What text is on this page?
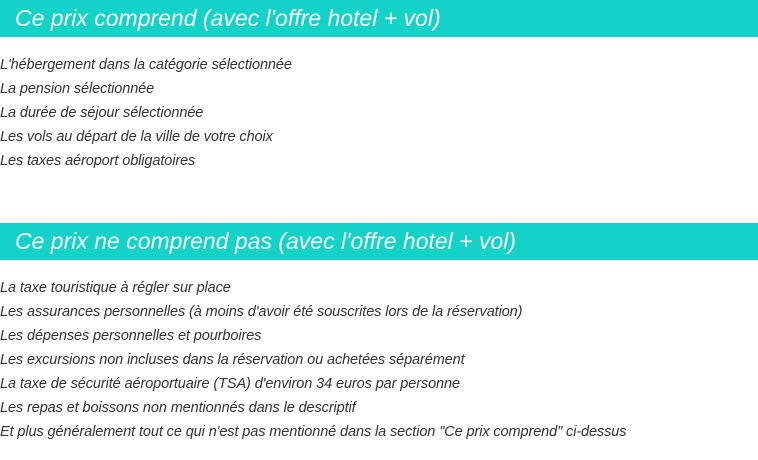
Ce prix comprend (avec l'offre hotel + vol)
L'hébergement dans la catégorie sélectionnée
La pension sélectionnée
La durée de séjour sélectionnée
Les vols au départ de la ville de votre choix
Les taxes aéroport obligatoires
Ce prix ne comprend pas (avec l'offre hotel + vol)
La taxe touristique à régler sur place
Les assurances personnelles (à moins d'avoir été souscrites lors de la réservation)
Les dépenses personnelles et pourboires
Les excursions non incluses dans la réservation ou achetées séparément
La taxe de sécurité aéroportuaire (TSA) d'environ 34 euros par personne
Les repas et boissons non mentionnés dans le descriptif
Et plus généralement tout ce qui n'est pas mentionné dans la section "Ce prix comprend" ci-dessus
